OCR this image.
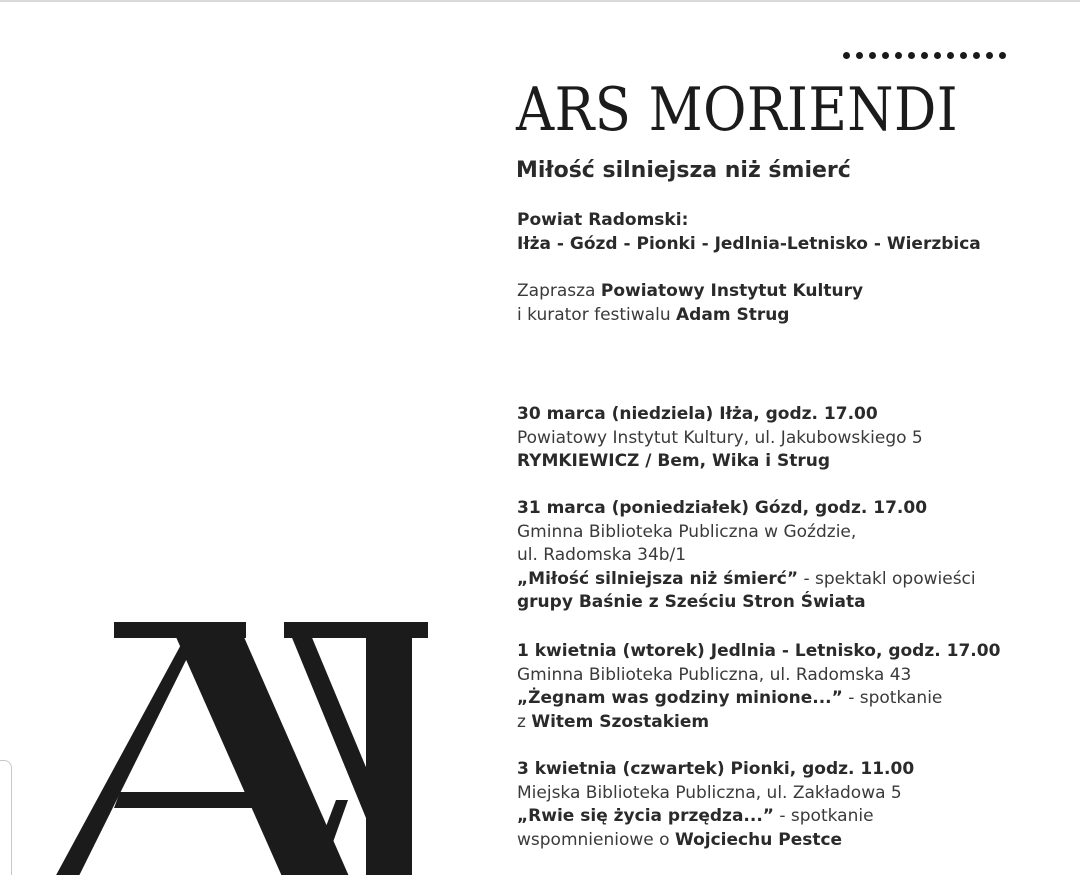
ARS MORIENDI
Miłość silniejsza niż śmierć
Powiat Radomski:
Iłża - Gózd - Pionki - Jedlnia-Letnisko - Wierzbica
Zaprasza Powiatowy Instytut Kultury
i kurator festiwalu Adam Strug
30 marca (niedziela) Iłża, godz. 17.00
Powiatowy Instytut Kultury, ul. Jakubowskiego 5
RYMKIEWICZ / Bem, Wika i Strug
31 marca (poniedziałek) Gózd, godz. 17.00
Gminna Biblioteka Publiczna w Goździe,
ul. Radomska 34b/1
„Miłość silniejsza niż śmierć” - spektakl opowieści
grupy Baśnie z Sześciu Stron Świata
1 kwietnia (wtorek) Jedlnia - Letnisko, godz. 17.00
Gminna Biblioteka Publiczna, ul. Radomska 43
„Żegnam was godziny minione...” - spotkanie
z Witem Szostakiem
3 kwietnia (czwartek) Pionki, godz. 11.00
Miejska Biblioteka Publiczna, ul. Zakładowa 5
„Rwie się życia przędza...” - spotkanie
wspomnieniowe o Wojciechu Pestce
